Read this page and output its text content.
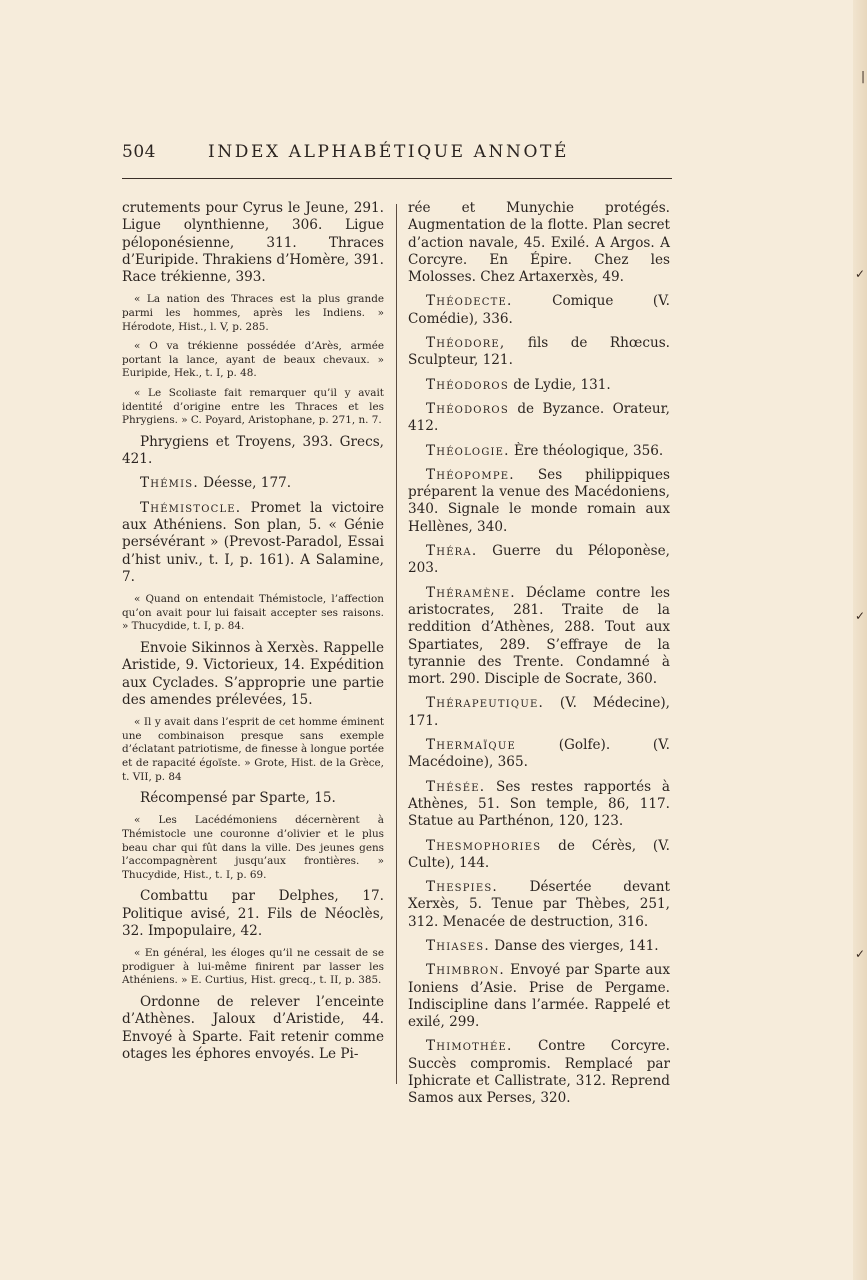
|
✓
✓
✓
504	INDEX ALPHABÉTIQUE ANNOTÉ
crutements pour Cyrus le Jeune, 291. Ligue olynthienne, 306. Ligue péloponésienne, 311. Thraces d’Euripide. Thrakiens d’Homère, 391. Race trékienne, 393.
« La nation des Thraces est la plus grande parmi les hommes, après les Indiens. » Hérodote, Hist., l. V, p. 285.
« O va trékienne possédée d’Arès, armée portant la lance, ayant de beaux chevaux. » Euripide, Hek., t. I, p. 48.
« Le Scoliaste fait remarquer qu’il y avait identité d’origine entre les Thraces et les Phrygiens. » C. Poyard, Aristophane, p. 271, n. 7.
Phrygiens et Troyens, 393. Grecs, 421.
Thémis. Déesse, 177.
Thémistocle. Promet la victoire aux Athéniens. Son plan, 5. « Génie persévérant » (Prevost-Paradol, Essai d’hist univ., t. I, p. 161). A Salamine, 7.
« Quand on entendait Thémistocle, l’affection qu’on avait pour lui faisait accepter ses raisons. » Thucydide, t. I, p. 84.
Envoie Sikinnos à Xerxès. Rappelle Aristide, 9. Victorieux, 14. Expédition aux Cyclades. S’approprie une partie des amendes prélevées, 15.
« Il y avait dans l’esprit de cet homme éminent une combinaison presque sans exemple d’éclatant patriotisme, de finesse à longue portée et de rapacité égoïste. » Grote, Hist. de la Grèce, t. VII, p. 84
Récompensé par Sparte, 15.
« Les Lacédémoniens décernèrent à Thémistocle une couronne d’olivier et le plus beau char qui fût dans la ville. Des jeunes gens l’accompagnèrent jusqu’aux frontières. » Thucydide, Hist., t. I, p. 69.
Combattu par Delphes, 17. Politique avisé, 21. Fils de Néoclès, 32. Impopulaire, 42.
« En général, les éloges qu’il ne cessait de se prodiguer à lui-même finirent par lasser les Athéniens. » E. Curtius, Hist. grecq., t. II, p. 385.
Ordonne de relever l’enceinte d’Athènes. Jaloux d’Aristide, 44. Envoyé à Sparte. Fait retenir comme otages les éphores envoyés. Le Pi-
rée et Munychie protégés. Augmentation de la flotte. Plan secret d’action navale, 45. Exilé. A Argos. A Corcyre. En Épire. Chez les Molosses. Chez Artaxerxès, 49.
Théodecte. Comique (V. Comédie), 336.
Théodore, fils de Rhœcus. Sculpteur, 121.
Théodoros de Lydie, 131.
Théodoros de Byzance. Orateur, 412.
Théologie. Ère théologique, 356.
Théopompe. Ses philippiques préparent la venue des Macédoniens, 340. Signale le monde romain aux Hellènes, 340.
Théra. Guerre du Péloponèse, 203.
Théramène. Déclame contre les aristocrates, 281. Traite de la reddition d’Athènes, 288. Tout aux Spartiates, 289. S’effraye de la tyrannie des Trente. Condamné à mort. 290. Disciple de Socrate, 360.
Thérapeutique. (V. Médecine), 171.
Thermaïque (Golfe). (V. Macédoine), 365.
Thésée. Ses restes rapportés à Athènes, 51. Son temple, 86, 117. Statue au Parthénon, 120, 123.
Thesmophories de Cérès, (V. Culte), 144.
Thespies. Désertée devant Xerxès, 5. Tenue par Thèbes, 251, 312. Menacée de destruction, 316.
Thiases. Danse des vierges, 141.
Thimbron. Envoyé par Sparte aux Ioniens d’Asie. Prise de Pergame. Indiscipline dans l’armée. Rappelé et exilé, 299.
Thimothée. Contre Corcyre. Succès compromis. Remplacé par Iphicrate et Callistrate, 312. Reprend Samos aux Perses, 320.
